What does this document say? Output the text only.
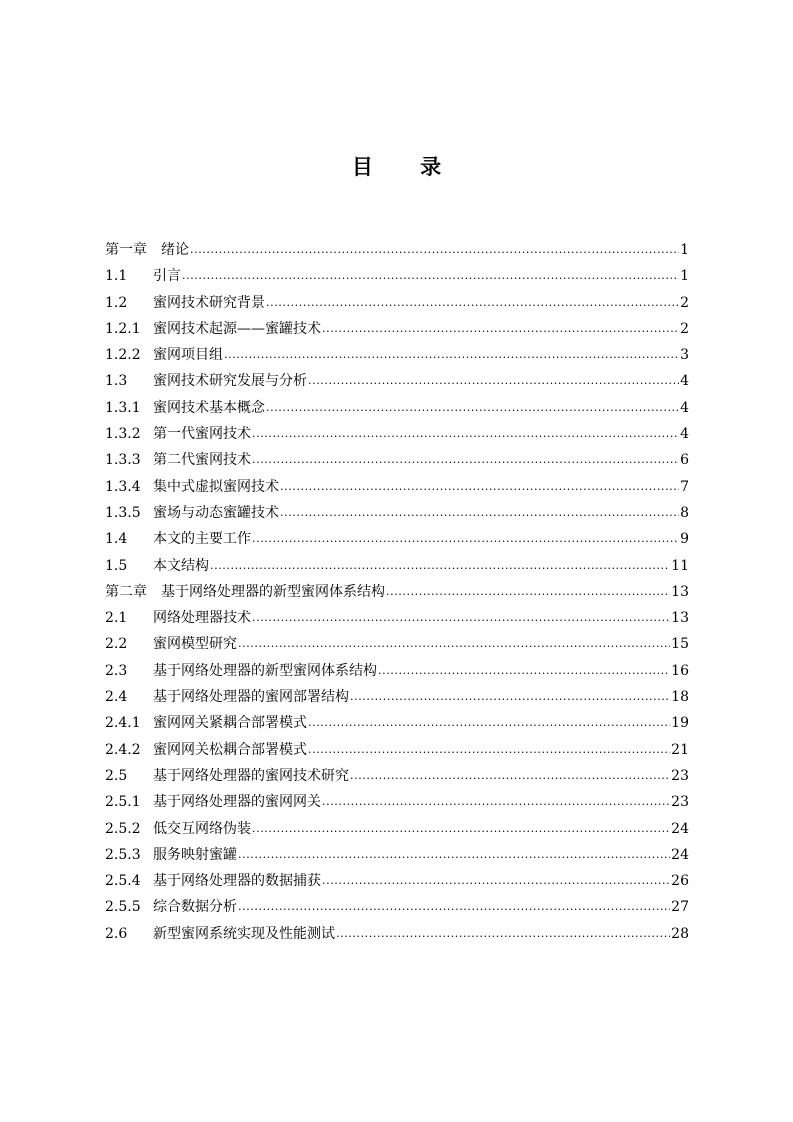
目 录
第一章 绪论 .....	1
1.1	引言 .....	1
1.2	蜜网技术研究背景 .....	2
1.2.1 蜜网技术起源——蜜罐技术 .....	2
1.2.2 蜜网项目组 .....	3
1.3	蜜网技术研究发展与分析 .....	4
1.3.1 蜜网技术基本概念 .....	4
1.3.2 第一代蜜网技术 .....	4
1.3.3 第二代蜜网技术 .....	6
1.3.4 集中式虚拟蜜网技术 .....	7
1.3.5 蜜场与动态蜜罐技术 .....	8
1.4	本文的主要工作 .....	9
1.5	本文结构 .....	11
第二章 基于网络处理器的新型蜜网体系结构 .....	13
2.1	网络处理器技术 .....	13
2.2	蜜网模型研究 .....	15
2.3	基于网络处理器的新型蜜网体系结构 .....	16
2.4	基于网络处理器的蜜网部署结构 .....	18
2.4.1 蜜网网关紧耦合部署模式 .....	19
2.4.2 蜜网网关松耦合部署模式 .....	21
2.5	基于网络处理器的蜜网技术研究 .....	23
2.5.1 基于网络处理器的蜜网网关 .....	23
2.5.2 低交互网络伪装 .....	24
2.5.3 服务映射蜜罐 .....	24
2.5.4 基于网络处理器的数据捕获 .....	26
2.5.5 综合数据分析 .....	27
2.6	新型蜜网系统实现及性能测试 .....	28
